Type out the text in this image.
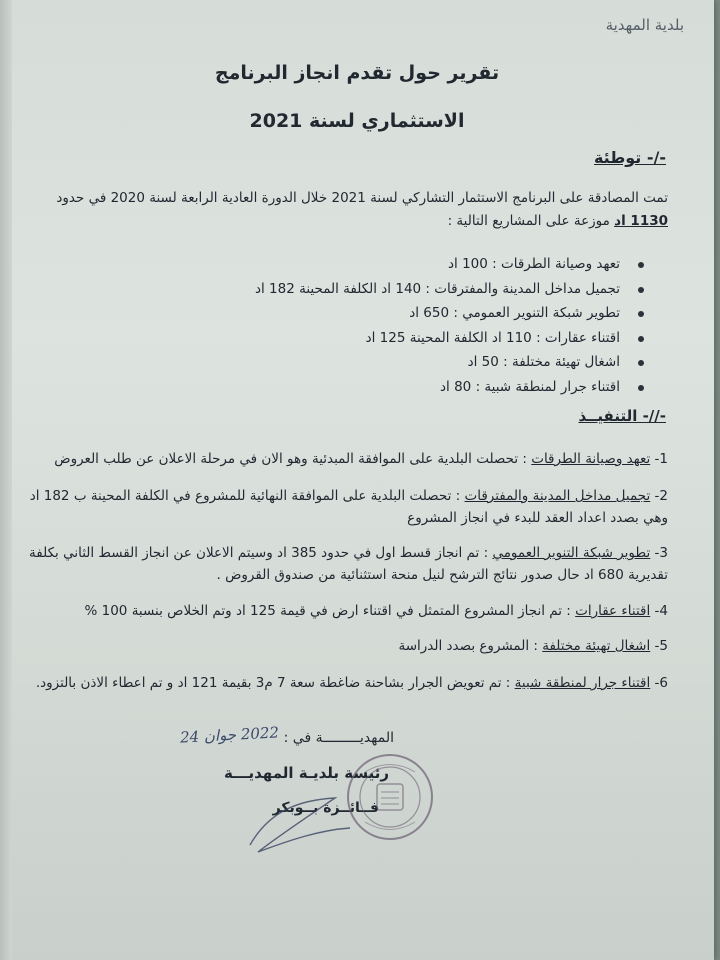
بلدية المهدية
تقرير حول تقدم انجاز البرنامج
الاستثماري لسنة 2021
-/- توطئة
تمت المصادقة على البرنامج الاستثمار التشاركي لسنة 2021 خلال الدورة العادية الرابعة لسنة 2020 في حدود 1130 اد موزعة على المشاريع التالية :
تعهد وصيانة الطرقات : 100 اد
تجميل مداخل المدينة والمفترقات : 140 اد الكلفة المحينة 182 اد
تطوير شبكة التنوير العمومي : 650 اد
اقتناء عقارات : 110 اد الكلفة المحينة 125 اد
اشغال تهيئة مختلفة : 50 اد
اقتناء جرار لمنطقة شبية : 80 اد
-//- التنفيــذ
1- تعهد وصيانة الطرقات : تحصلت البلدية على الموافقة المبدئية وهو الان في مرحلة الاعلان عن طلب العروض
2- تجميل مداخل المدينة والمفترقات : تحصلت البلدية على الموافقة النهائية للمشروع في الكلفة المحينة ب 182 اد وهي بصدد اعداد العقد للبدء في انجاز المشروع
3- تطوير شبكة التنوير العمومي : تم انجاز قسط اول في حدود 385 اد وسيتم الاعلان عن انجاز القسط الثاني بكلفة تقديرية 680 اد حال صدور نتائج الترشح لنيل منحة استثنائية من صندوق القروض .
4- اقتناء عقارات : تم انجاز المشروع المتمثل في اقتناء ارض في قيمة 125 اد وتم الخلاص بنسبة 100 %
5- اشغال تهيئة مختلفة : المشروع بصدد الدراسة
6- اقتناء جرار لمنطقة شبية : تم تعويض الجرار بشاحنة ضاغطة سعة 7 م3 بقيمة 121 اد و تم اعطاء الاذن بالتزود.
المهديـــــــــة في :
2022 جوان 24
رئيسة بلديـة المهديـــة
فــائــزة بــوبكر
